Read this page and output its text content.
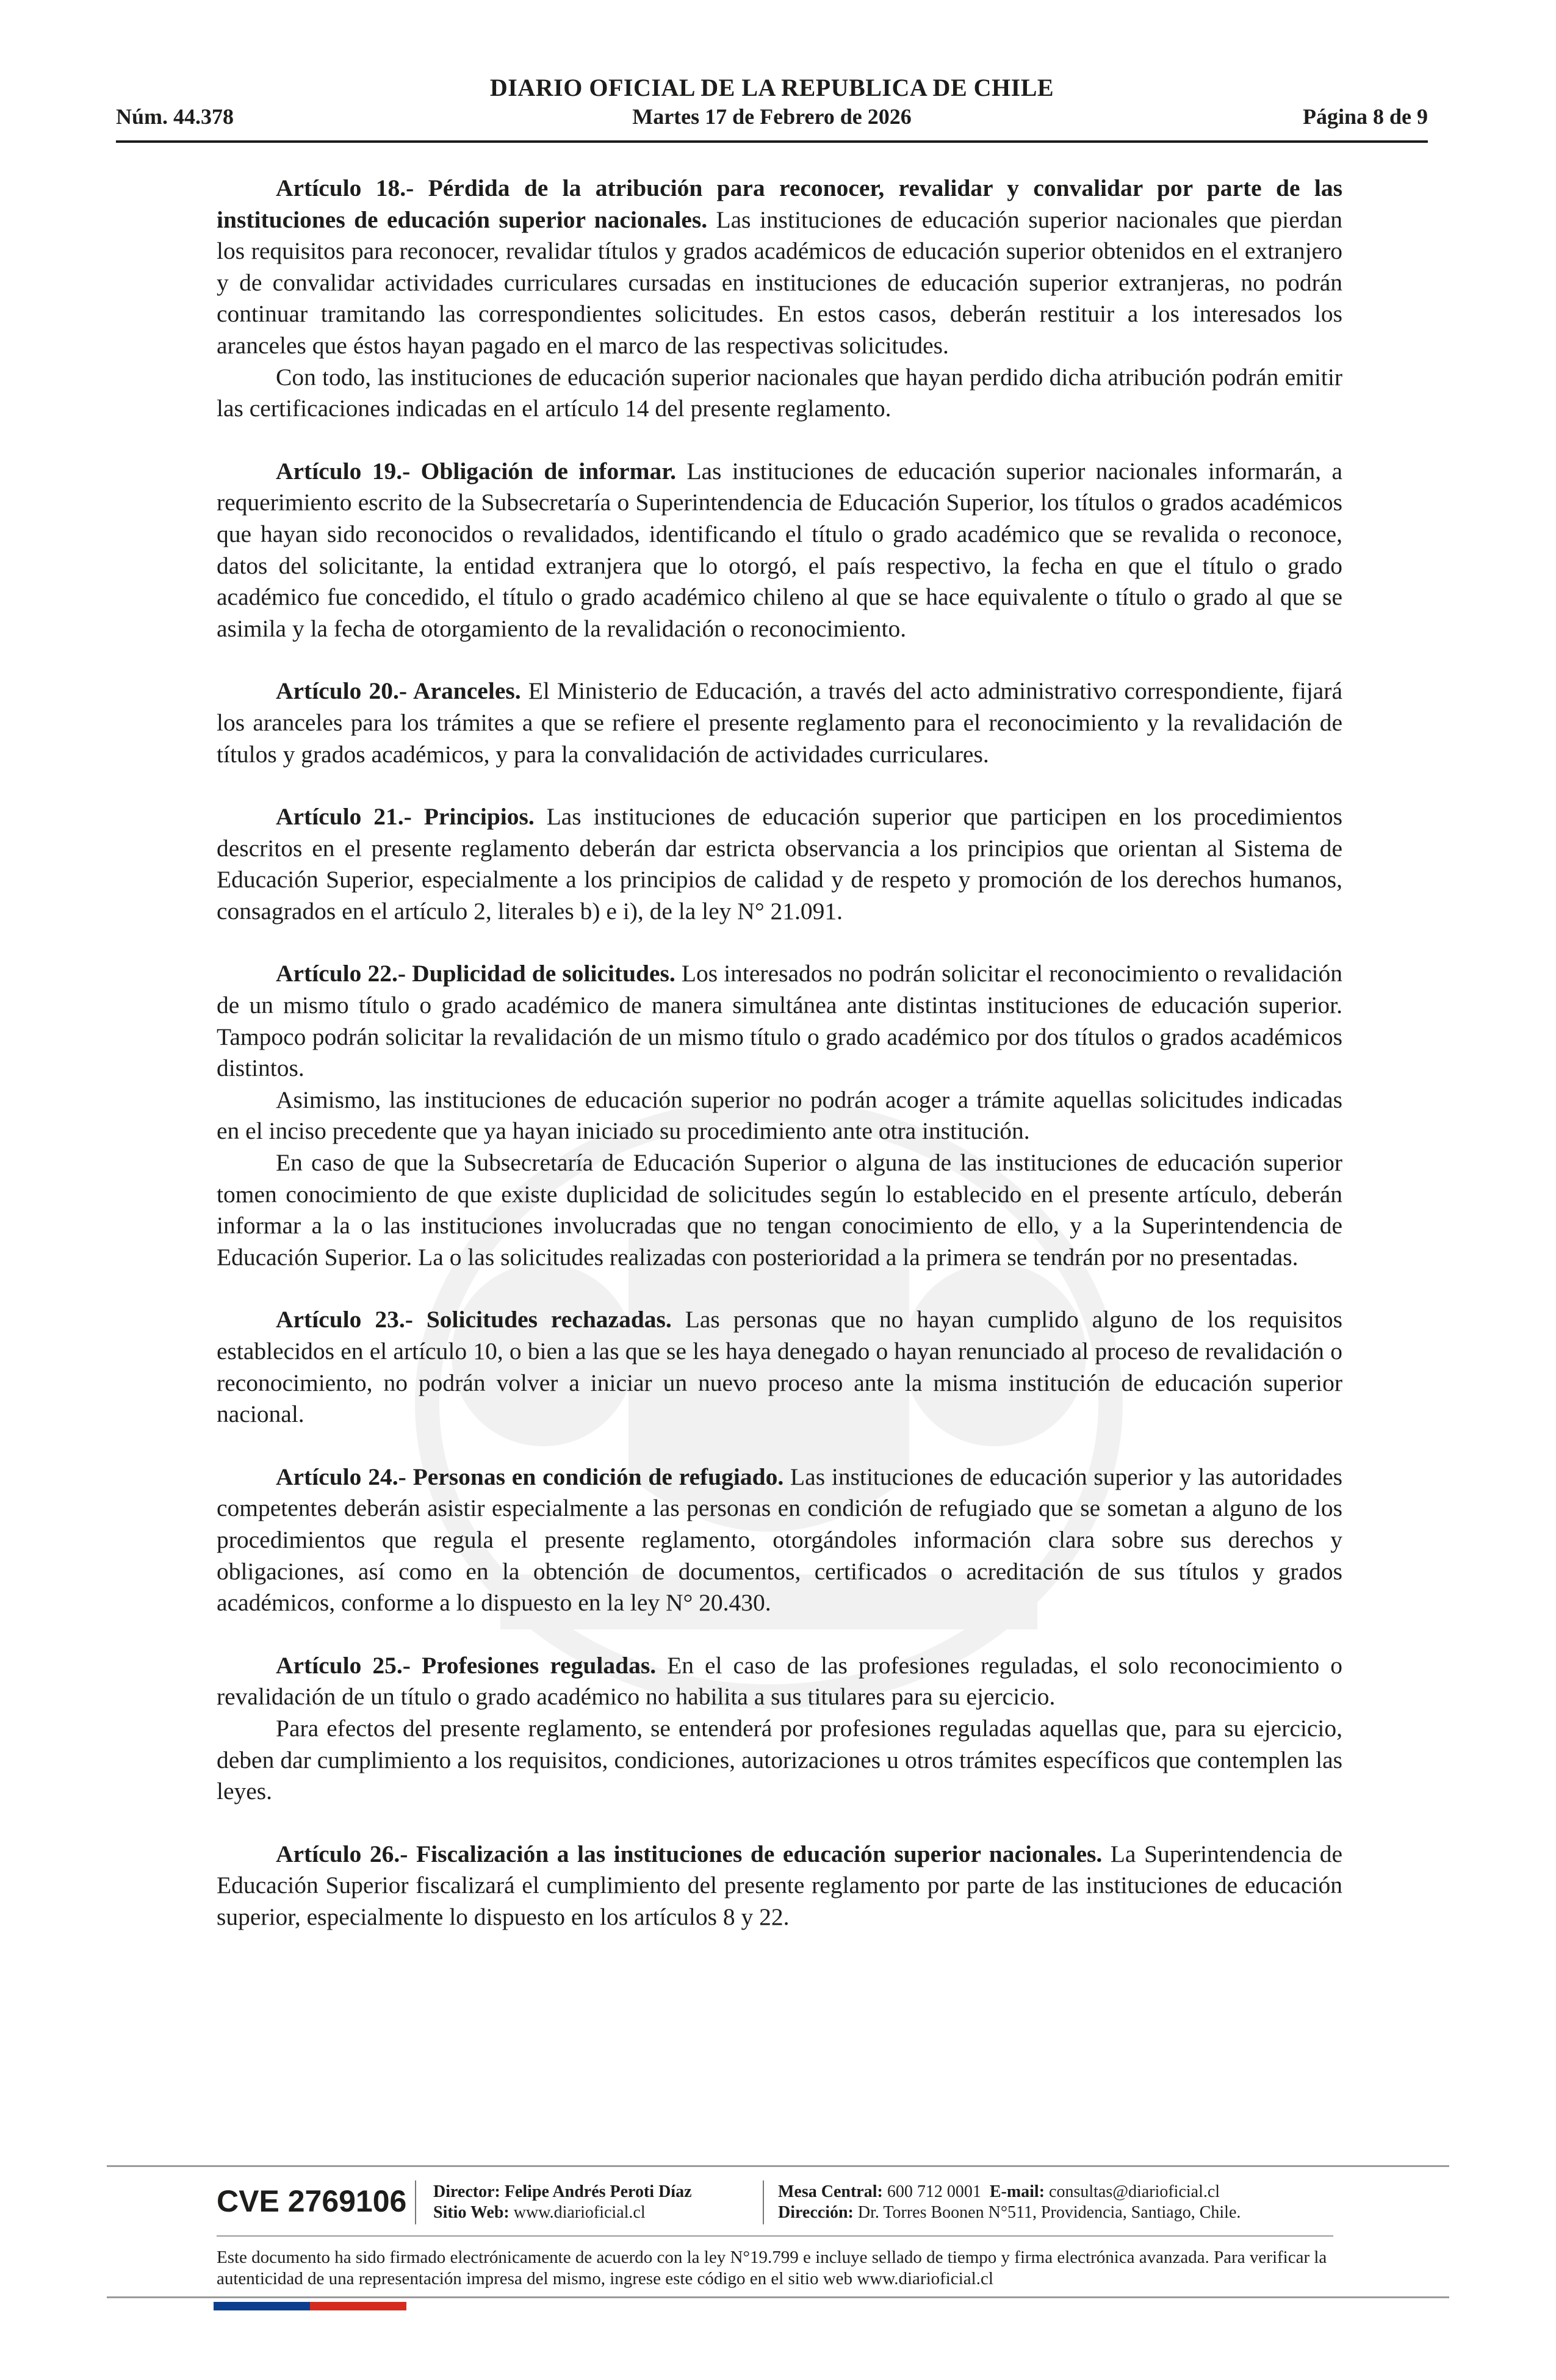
DIARIO OFICIAL DE LA REPUBLICA DE CHILE
Núm. 44.378	Martes 17 de Febrero de 2026	Página 8 de 9

Artículo 18.- Pérdida de la atribución para reconocer, revalidar y convalidar por parte de las instituciones de educación superior nacionales. Las instituciones de educación superior nacionales que pierdan los requisitos para reconocer, revalidar títulos y grados académicos de educación superior obtenidos en el extranjero y de convalidar actividades curriculares cursadas en instituciones de educación superior extranjeras, no podrán continuar tramitando las correspondientes solicitudes. En estos casos, deberán restituir a los interesados los aranceles que éstos hayan pagado en el marco de las respectivas solicitudes.

Con todo, las instituciones de educación superior nacionales que hayan perdido dicha atribución podrán emitir las certificaciones indicadas en el artículo 14 del presente reglamento.

Artículo 19.- Obligación de informar. Las instituciones de educación superior nacionales informarán, a requerimiento escrito de la Subsecretaría o Superintendencia de Educación Superior, los títulos o grados académicos que hayan sido reconocidos o revalidados, identificando el título o grado académico que se revalida o reconoce, datos del solicitante, la entidad extranjera que lo otorgó, el país respectivo, la fecha en que el título o grado académico fue concedido, el título o grado académico chileno al que se hace equivalente o título o grado al que se asimila y la fecha de otorgamiento de la revalidación o reconocimiento.

Artículo 20.- Aranceles. El Ministerio de Educación, a través del acto administrativo correspondiente, fijará los aranceles para los trámites a que se refiere el presente reglamento para el reconocimiento y la revalidación de títulos y grados académicos, y para la convalidación de actividades curriculares.

Artículo 21.- Principios. Las instituciones de educación superior que participen en los procedimientos descritos en el presente reglamento deberán dar estricta observancia a los principios que orientan al Sistema de Educación Superior, especialmente a los principios de calidad y de respeto y promoción de los derechos humanos, consagrados en el artículo 2, literales b) e i), de la ley N° 21.091.

Artículo 22.- Duplicidad de solicitudes. Los interesados no podrán solicitar el reconocimiento o revalidación de un mismo título o grado académico de manera simultánea ante distintas instituciones de educación superior. Tampoco podrán solicitar la revalidación de un mismo título o grado académico por dos títulos o grados académicos distintos.

Asimismo, las instituciones de educación superior no podrán acoger a trámite aquellas solicitudes indicadas en el inciso precedente que ya hayan iniciado su procedimiento ante otra institución.

En caso de que la Subsecretaría de Educación Superior o alguna de las instituciones de educación superior tomen conocimiento de que existe duplicidad de solicitudes según lo establecido en el presente artículo, deberán informar a la o las instituciones involucradas que no tengan conocimiento de ello, y a la Superintendencia de Educación Superior. La o las solicitudes realizadas con posterioridad a la primera se tendrán por no presentadas.

Artículo 23.- Solicitudes rechazadas. Las personas que no hayan cumplido alguno de los requisitos establecidos en el artículo 10, o bien a las que se les haya denegado o hayan renunciado al proceso de revalidación o reconocimiento, no podrán volver a iniciar un nuevo proceso ante la misma institución de educación superior nacional.

Artículo 24.- Personas en condición de refugiado. Las instituciones de educación superior y las autoridades competentes deberán asistir especialmente a las personas en condición de refugiado que se sometan a alguno de los procedimientos que regula el presente reglamento, otorgándoles información clara sobre sus derechos y obligaciones, así como en la obtención de documentos, certificados o acreditación de sus títulos y grados académicos, conforme a lo dispuesto en la ley N° 20.430.

Artículo 25.- Profesiones reguladas. En el caso de las profesiones reguladas, el solo reconocimiento o revalidación de un título o grado académico no habilita a sus titulares para su ejercicio.

Para efectos del presente reglamento, se entenderá por profesiones reguladas aquellas que, para su ejercicio, deben dar cumplimiento a los requisitos, condiciones, autorizaciones u otros trámites específicos que contemplen las leyes.

Artículo 26.- Fiscalización a las instituciones de educación superior nacionales. La Superintendencia de Educación Superior fiscalizará el cumplimiento del presente reglamento por parte de las instituciones de educación superior, especialmente lo dispuesto en los artículos 8 y 22.

CVE 2769106 Director: Felipe Andrés Peroti Díaz
Sitio Web: www.diarioficial.cl
Mesa Central: 600 712 0001 E-mail: consultas@diarioficial.cl
Dirección: Dr. Torres Boonen N°511, Providencia, Santiago, Chile.
Este documento ha sido firmado electrónicamente de acuerdo con la ley N°19.799 e incluye sellado de tiempo y firma electrónica avanzada. Para verificar la autenticidad de una representación impresa del mismo, ingrese este código en el sitio web www.diarioficial.cl
